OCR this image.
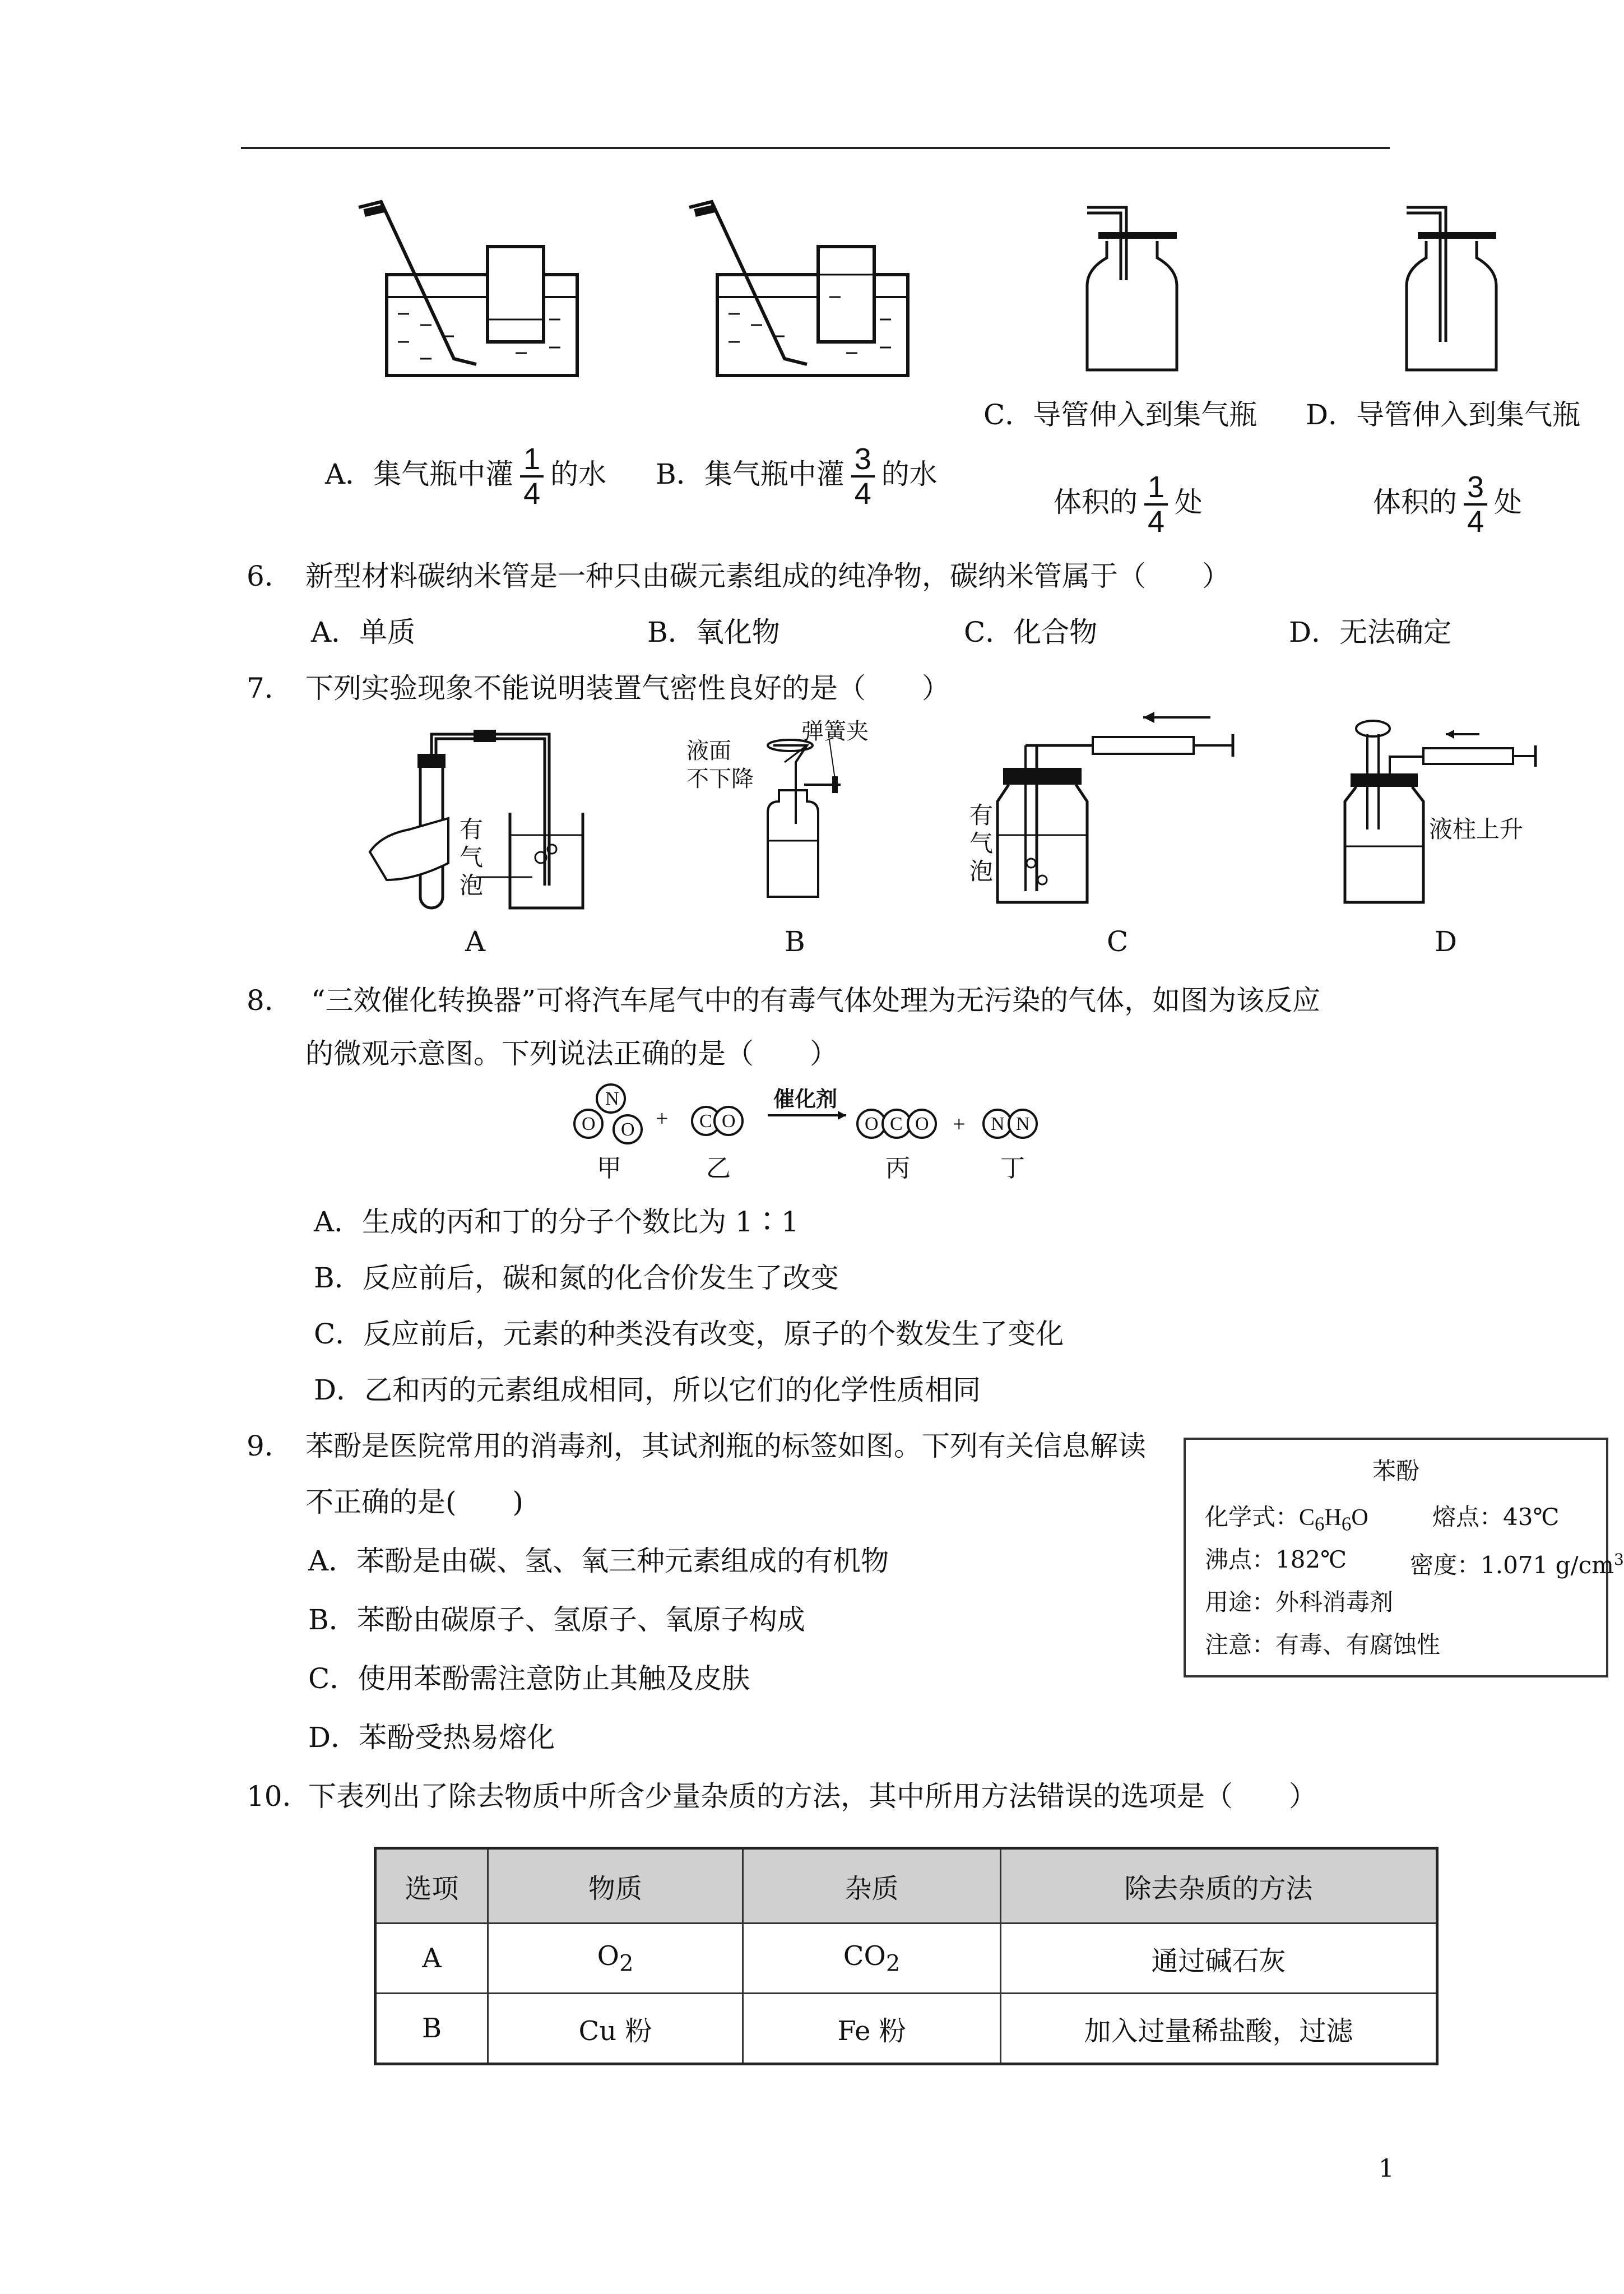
A．集气瓶中灌 $\frac{1}{4}$ 的水 B．集气瓶中灌 $\frac{3}{4}$ 的水
C．导管伸入到集气瓶
体积的 $\frac{1}{4}$ 处
D．导管伸入到集气瓶
体积的 $\frac{3}{4}$ 处
6． 新型材料碳纳米管是一种只由碳元素组成的纯净物，碳纳米管属于（　　）
A．单质	B．氧化物	C．化合物	D．无法确定
7． 下列实验现象不能说明装置气密性良好的是（　　）
有
气
泡
液面
不下降
弹簧夹
有
气
泡
液柱上升
A	B	C	D
8． “三效催化转换器”可将汽车尾气中的有毒气体处理为无污染的气体，如图为该反应
的微观示意图。下列说法正确的是（　　）
N
O O + C O
催化剂
O C O + N N
甲	乙	丙	丁
A．生成的丙和丁的分子个数比为 1∶1
B．反应前后，碳和氮的化合价发生了改变
C．反应前后，元素的种类没有改变，原子的个数发生了变化
D．乙和丙的元素组成相同，所以它们的化学性质相同
9． 苯酚是医院常用的消毒剂，其试剂瓶的标签如图。下列有关信息解读
不正确的是(　　)
A．苯酚是由碳、氢、氧三种元素组成的有机物
B．苯酚由碳原子、氢原子、氧原子构成
C．使用苯酚需注意防止其触及皮肤
D．苯酚受热易熔化
苯酚
化学式：$C_6H_6O$	熔点：43℃
沸点：182℃	密度：1.071 $g/cm^3$
用途：外科消毒剂
注意：有毒、有腐蚀性
10．
下表列出了除去物质中所含少量杂质的方法，其中所用方法错误的选项是（　　）
选项	物质	杂质	除去杂质的方法
A	$O_2$	$CO_2$	通过碱石灰
B	Cu 粉	Fe 粉	加入过量稀盐酸，过滤
1
